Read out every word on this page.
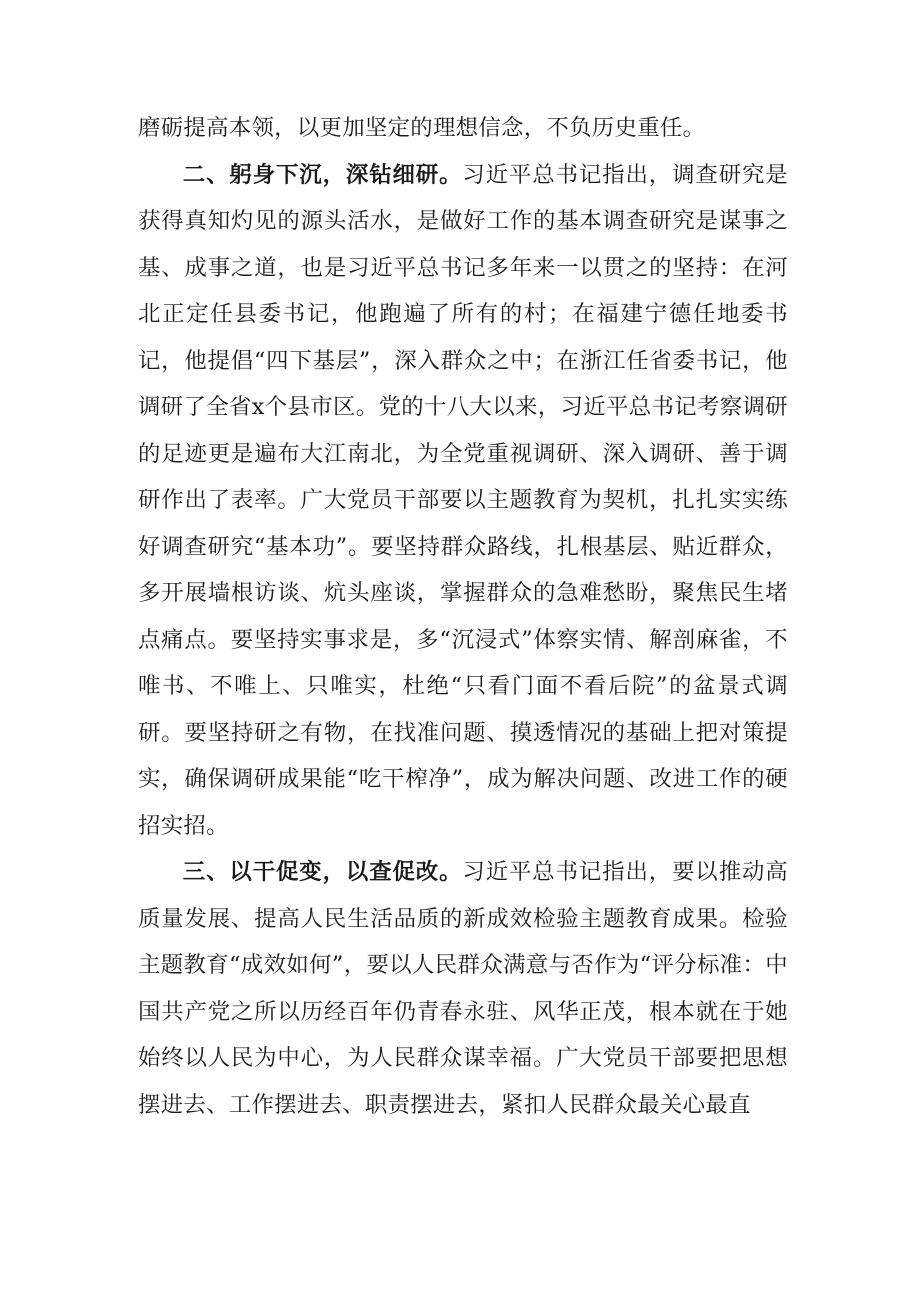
磨砺提高本领，以更加坚定的理想信念，不负历史重任。

二、躬身下沉，深钻细研。习近平总书记指出，调查研究是获得真知灼见的源头活水，是做好工作的基本调查研究是谋事之基、成事之道，也是习近平总书记多年来一以贯之的坚持：在河北正定任县委书记，他跑遍了所有的村；在福建宁德任地委书记，他提倡“四下基层”，深入群众之中；在浙江任省委书记，他调研了全省x个县市区。党的十八大以来，习近平总书记考察调研的足迹更是遍布大江南北，为全党重视调研、深入调研、善于调研作出了表率。广大党员干部要以主题教育为契机，扎扎实实练好调查研究“基本功”。要坚持群众路线，扎根基层、贴近群众，多开展墙根访谈、炕头座谈，掌握群众的急难愁盼，聚焦民生堵点痛点。要坚持实事求是，多“沉浸式”体察实情、解剖麻雀，不唯书、不唯上、只唯实，杜绝“只看门面不看后院”的盆景式调研。要坚持研之有物，在找准问题、摸透情况的基础上把对策提实，确保调研成果能“吃干榨净”，成为解决问题、改进工作的硬招实招。

三、以干促变，以查促改。习近平总书记指出，要以推动高质量发展、提高人民生活品质的新成效检验主题教育成果。检验主题教育“成效如何”，要以人民群众满意与否作为“评分标准：中国共产党之所以历经百年仍青春永驻、风华正茂，根本就在于她始终以人民为中心，为人民群众谋幸福。广大党员干部要把思想摆进去、工作摆进去、职责摆进去，紧扣人民群众最关心最直
